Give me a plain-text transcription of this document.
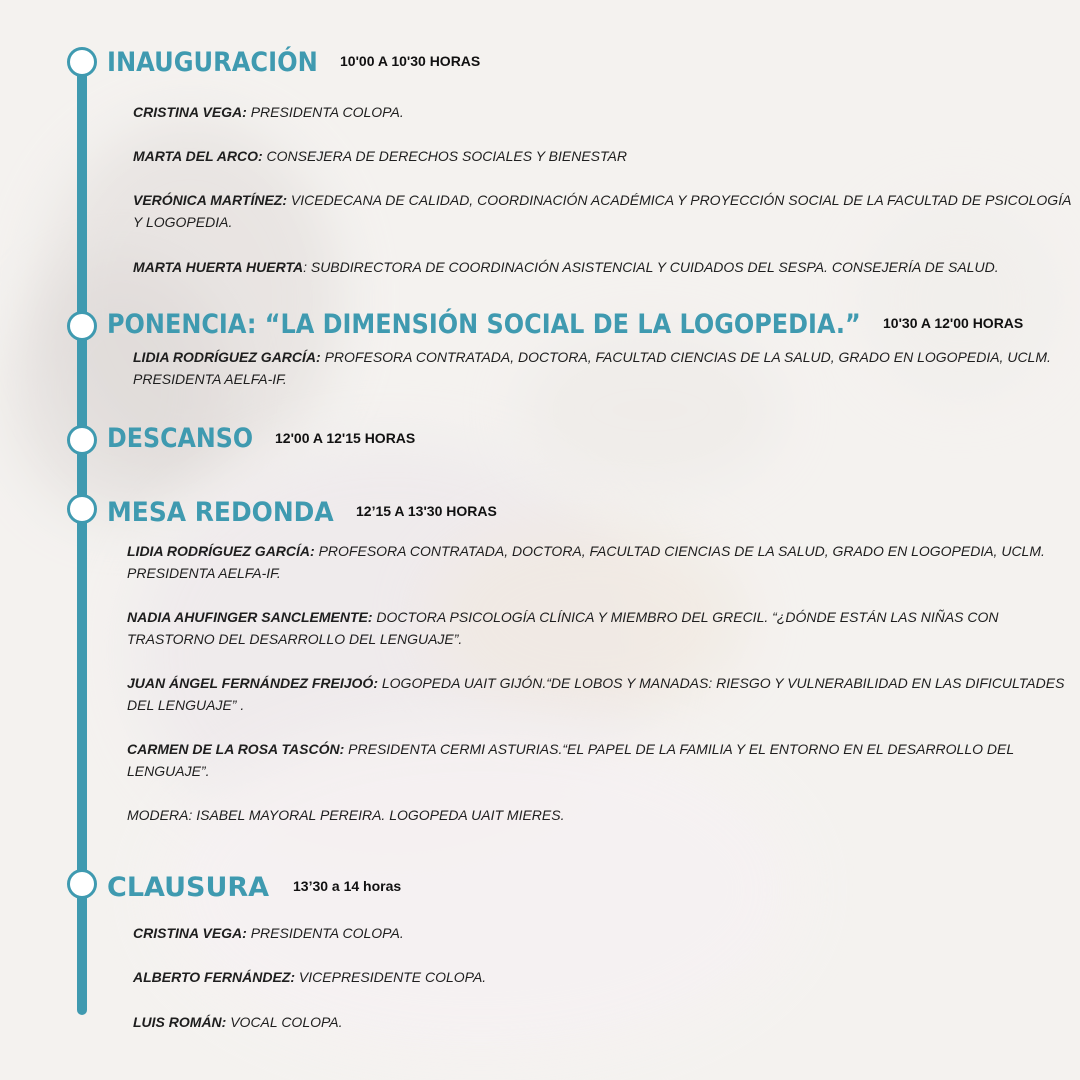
INAUGURACIÓN 10'00 A 10'30 HORAS

CRISTINA VEGA: PRESIDENTA COLOPA.

MARTA DEL ARCO: CONSEJERA DE DERECHOS SOCIALES Y BIENESTAR

VERÓNICA MARTÍNEZ: VICEDECANA DE CALIDAD, COORDINACIÓN ACADÉMICA Y PROYECCIÓN SOCIAL DE LA FACULTAD DE PSICOLOGÍA Y LOGOPEDIA.

MARTA HUERTA HUERTA: SUBDIRECTORA DE COORDINACIÓN ASISTENCIAL Y CUIDADOS DEL SESPA. CONSEJERÍA DE SALUD.

PONENCIA: “LA DIMENSIÓN SOCIAL DE LA LOGOPEDIA.” 10'30 A 12'00 HORAS

LIDIA RODRÍGUEZ GARCÍA: PROFESORA CONTRATADA, DOCTORA, FACULTAD CIENCIAS DE LA SALUD, GRADO EN LOGOPEDIA, UCLM. PRESIDENTA AELFA-IF.

DESCANSO 12'00 A 12'15 HORAS
MESA REDONDA 12’15 A 13'30 HORAS

LIDIA RODRÍGUEZ GARCÍA: PROFESORA CONTRATADA, DOCTORA, FACULTAD CIENCIAS DE LA SALUD, GRADO EN LOGOPEDIA, UCLM. PRESIDENTA AELFA-IF.

NADIA AHUFINGER SANCLEMENTE: DOCTORA PSICOLOGÍA CLÍNICA Y MIEMBRO DEL GRECIL. “¿DÓNDE ESTÁN LAS NIÑAS CON TRASTORNO DEL DESARROLLO DEL LENGUAJE”.

JUAN ÁNGEL FERNÁNDEZ FREIJOÓ: LOGOPEDA UAIT GIJÓN.“DE LOBOS Y MANADAS: RIESGO Y VULNERABILIDAD EN LAS DIFICULTADES DEL LENGUAJE” .

CARMEN DE LA ROSA TASCÓN: PRESIDENTA CERMI ASTURIAS.“EL PAPEL DE LA FAMILIA Y EL ENTORNO EN EL DESARROLLO DEL LENGUAJE”.

MODERA: ISABEL MAYORAL PEREIRA. LOGOPEDA UAIT MIERES.

CLAUSURA 13’30 a 14 horas

CRISTINA VEGA: PRESIDENTA COLOPA.

ALBERTO FERNÁNDEZ: VICEPRESIDENTE COLOPA.

LUIS ROMÁN: VOCAL COLOPA.
